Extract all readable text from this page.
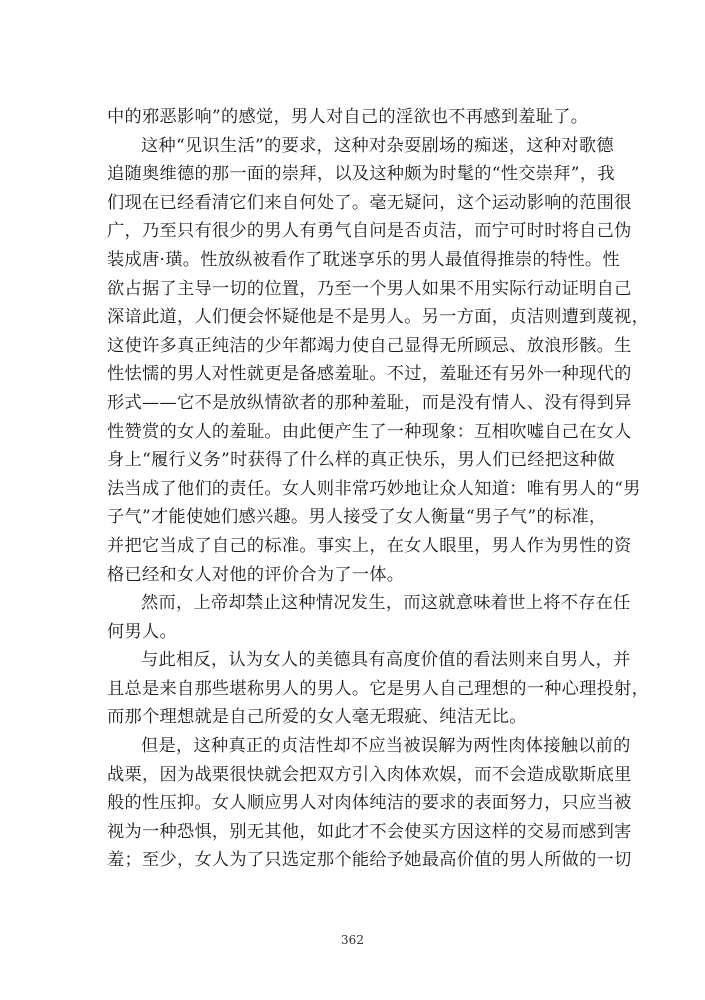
中的邪恶影响”的感觉，男人对自己的淫欲也不再感到羞耻了。
这种“见识生活”的要求，这种对杂耍剧场的痴迷，这种对歌德
追随奥维德的那一面的崇拜，以及这种颇为时髦的“性交崇拜”，我
们现在已经看清它们来自何处了。毫无疑问，这个运动影响的范围很
广，乃至只有很少的男人有勇气自问是否贞洁，而宁可时时将自己伪
装成唐·璜。性放纵被看作了耽迷享乐的男人最值得推崇的特性。性
欲占据了主导一切的位置，乃至一个男人如果不用实际行动证明自己
深谙此道，人们便会怀疑他是不是男人。另一方面，贞洁则遭到蔑视，
这使许多真正纯洁的少年都竭力使自己显得无所顾忌、放浪形骸。生
性怯懦的男人对性就更是备感羞耻。不过，羞耻还有另外一种现代的
形式——它不是放纵情欲者的那种羞耻，而是没有情人、没有得到异
性赞赏的女人的羞耻。由此便产生了一种现象：互相吹嘘自己在女人
身上“履行义务”时获得了什么样的真正快乐，男人们已经把这种做
法当成了他们的责任。女人则非常巧妙地让众人知道：唯有男人的“男
子气”才能使她们感兴趣。男人接受了女人衡量“男子气”的标准，
并把它当成了自己的标准。事实上，在女人眼里，男人作为男性的资
格已经和女人对他的评价合为了一体。
然而，上帝却禁止这种情况发生，而这就意味着世上将不存在任
何男人。
与此相反，认为女人的美德具有高度价值的看法则来自男人，并
且总是来自那些堪称男人的男人。它是男人自己理想的一种心理投射，
而那个理想就是自己所爱的女人毫无瑕疵、纯洁无比。
但是，这种真正的贞洁性却不应当被误解为两性肉体接触以前的
战栗，因为战栗很快就会把双方引入肉体欢娱，而不会造成歇斯底里
般的性压抑。女人顺应男人对肉体纯洁的要求的表面努力，只应当被
视为一种恐惧，别无其他，如此才不会使买方因这样的交易而感到害
羞；至少，女人为了只选定那个能给予她最高价值的男人所做的一切
362
